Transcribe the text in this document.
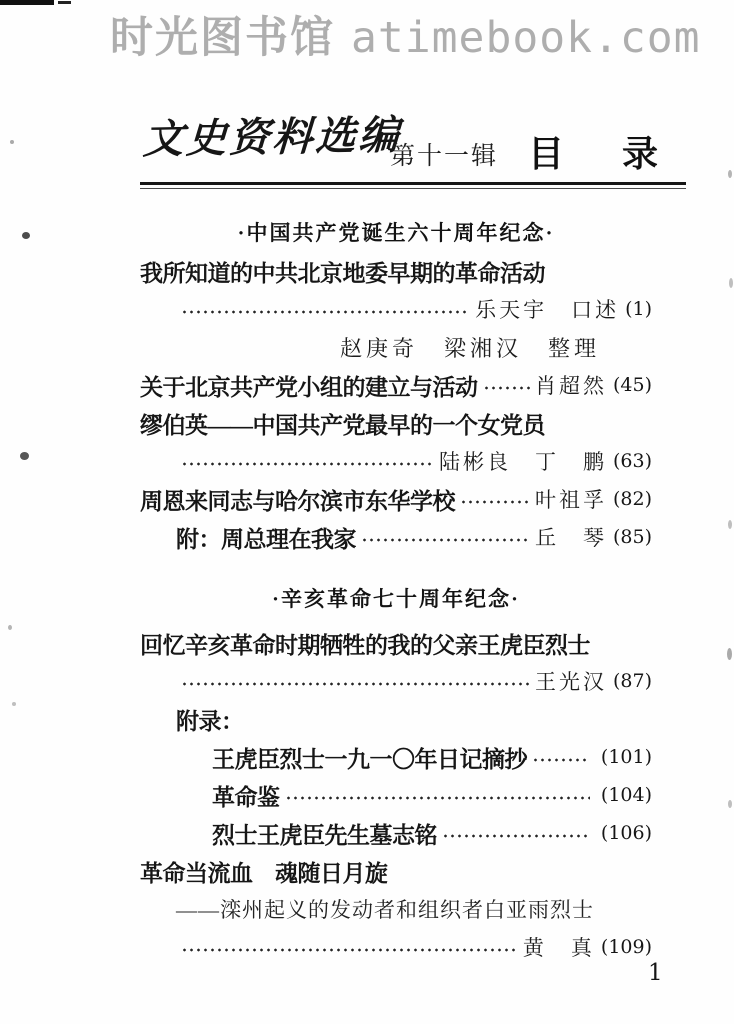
时光图书馆 atimebook.com
文史资料选编
第十一辑 目 录
·中国共产党诞生六十周年纪念·
我所知道的中共北京地委早期的革命活动
乐天宇　口述 (1)
赵庚奇　梁湘汉　整理
关于北京共产党小组的建立与活动	肖超然 (45)
缪伯英——中国共产党最早的一个女党员
陆彬良　丁　鹏 (63)
周恩来同志与哈尔滨市东华学校	叶祖孚 (82)
附：周总理在我家	丘　琴 (85)
·辛亥革命七十周年纪念·
回忆辛亥革命时期牺牲的我的父亲王虎臣烈士
王光汉 (87)
附录：
王虎臣烈士一九一〇年日记摘抄	(101)
革命鉴	(104)
烈士王虎臣先生墓志铭	(106)
革命当流血　魂随日月旋
——滦州起义的发动者和组织者白亚雨烈士
黄　真 (109)
1
